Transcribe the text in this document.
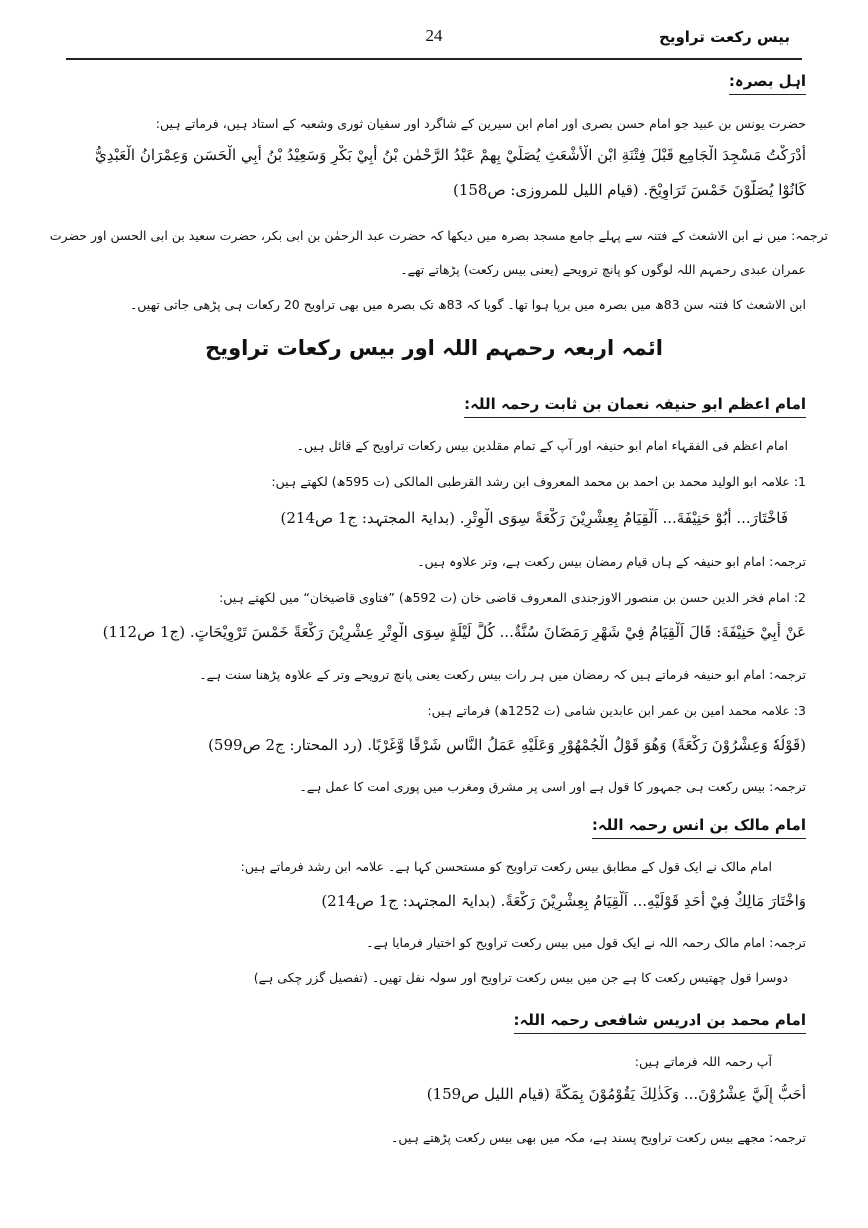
بیس رکعت تراویح
24
اہل بصرہ:
حضرت یونس بن عبید جو امام حسن بصری اور امام ابن سیرین کے شاگرد اور سفیان ثوری وشعبہ کے استاد ہیں، فرماتے ہیں:
أَدْرَكْتُ مَسْجِدَ الْجَامِعِ قَبْلَ فِتْنَةِ ابْنِ الْأَشْعَثِ يُصَلِّيْ بِهِمْ عَبْدُ الرَّحْمٰنِ بْنُ أَبِيْ بَكْرٍ وَسَعِيْدُ بْنُ أَبِي الْحَسَنِ وَعِمْرَانُ الْعَبْدِيُّ
كَانُوْا يُصَلُّوْنَ خَمْسَ تَرَاوِيْحَ. (قیام اللیل للمروزی: ص158)
ترجمہ: میں نے ابن الاشعث کے فتنہ سے پہلے جامع مسجد بصرہ میں دیکھا کہ حضرت عبد الرحمٰن بن ابی بکر، حضرت سعید بن ابی الحسن اور حضرت
عمران عبدی رحمہم اللہ لوگوں کو پانچ ترویحے (یعنی بیس رکعت) پڑھاتے تھے۔
ابن الاشعث کا فتنہ سن 83ھ میں بصرہ میں برپا ہوا تھا۔ گویا کہ 83ھ تک بصرہ میں بھی تراویح 20 رکعات ہی پڑھی جاتی تھیں۔
ائمہ اربعہ رحمہم اللہ اور بیس رکعات تراویح
امام اعظم ابو حنیفہ نعمان بن ثابت رحمہ اللہ:
امام اعظم فی الفقہاء امام ابو حنیفہ اور آپ کے تمام مقلدین بیس رکعات تراویح کے قائل ہیں۔
1: علامہ ابو الولید محمد بن احمد بن محمد المعروف ابن رشد القرطبی المالکی (ت 595ھ) لکھتے ہیں:
فَاخْتَارَ... أَبُوْ حَنِيْفَةَ... اَلْقِيَامُ بِعِشْرِيْنَ رَكْعَةً سِوَى الْوِتْرِ. (بدایۃ المجتہد: ج1 ص214)
ترجمہ: امام ابو حنیفہ کے ہاں قیام رمضان بیس رکعت ہے، وتر علاوہ ہیں۔
2: امام فخر الدین حسن بن منصور الاوزجندی المعروف قاضی خان (ت 592ھ) ”فتاوی قاضیخان“ میں لکھتے ہیں:
عَنْ أَبِيْ حَنِيْفَةَ: قَالَ اَلْقِيَامُ فِيْ شَهْرِ رَمَضَانَ سُنَّةٌ... كُلَّ لَيْلَةٍ سِوَى الْوِتْرِ عِشْرِيْنَ رَكْعَةً خَمْسَ تَرْوِيْحَاتٍ. (ج1 ص112)
ترجمہ: امام ابو حنیفہ فرماتے ہیں کہ رمضان میں ہر رات بیس رکعت یعنی پانچ ترویحے وتر کے علاوہ پڑھنا سنت ہے۔
3: علامہ محمد امین بن عمر ابن عابدین شامی (ت 1252ھ) فرماتے ہیں:
(قَوْلُهٗ وَعِشْرُوْنَ رَكْعَةً) وَهُوَ قَوْلُ الْجُمْهُوْرِ وَعَلَيْهِ عَمَلُ النَّاسِ شَرْقًا وَّغَرْبًا. (رد المحتار: ج2 ص599)
ترجمہ: بیس رکعت ہی جمہور کا قول ہے اور اسی پر مشرق ومغرب میں پوری امت کا عمل ہے۔
امام مالک بن انس رحمہ اللہ:
امام مالک نے ایک قول کے مطابق بیس رکعت تراویح کو مستحسن کہا ہے۔ علامہ ابن رشد فرماتے ہیں:
وَاخْتَارَ مَالِكٌ فِيْ أَحَدِ قَوْلَيْهِ... اَلْقِيَامُ بِعِشْرِيْنَ رَكْعَةً. (بدایۃ المجتہد: ج1 ص214)
ترجمہ: امام مالک رحمہ اللہ نے ایک قول میں بیس رکعت تراویح کو اختیار فرمایا ہے۔
دوسرا قول چھتیس رکعت کا ہے جن میں بیس رکعت تراویح اور سولہ نفل تھیں۔ (تفصیل گزر چکی ہے)
امام محمد بن ادریس شافعی رحمہ اللہ:
آپ رحمہ اللہ فرماتے ہیں:
أَحَبُّ إِلَيَّ عِشْرُوْنَ... وَكَذٰلِكَ يَقُوْمُوْنَ بِمَكَّةَ (قیام اللیل ص159)
ترجمہ: مجھے بیس رکعت تراویح پسند ہے، مکہ میں بھی بیس رکعت پڑھتے ہیں۔
